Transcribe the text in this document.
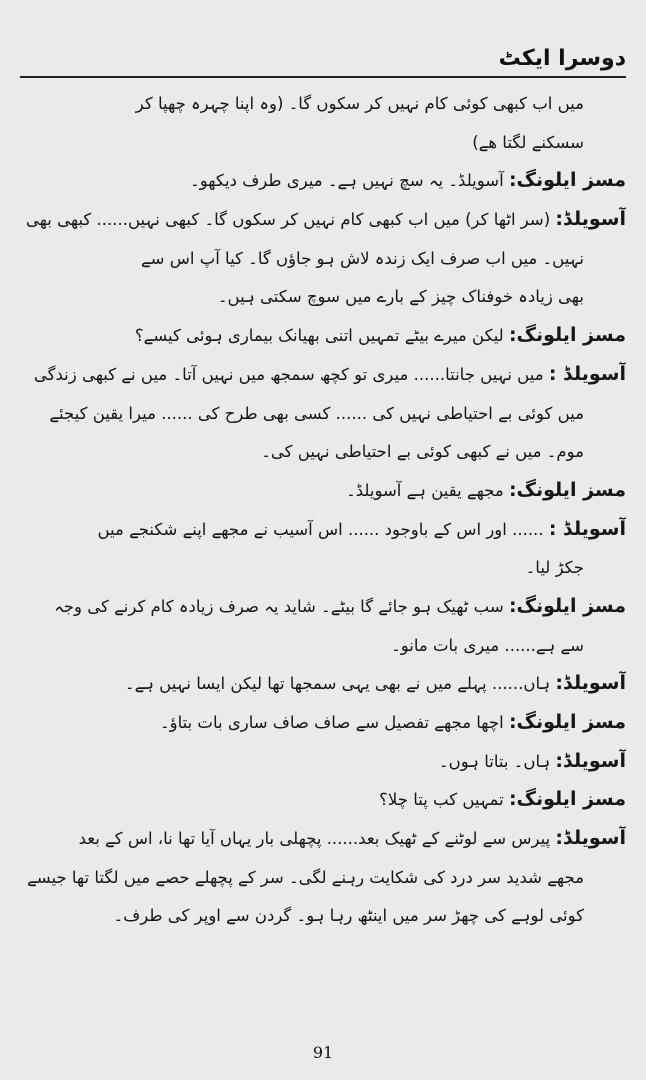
دوسرا ایکٹ
میں اب کبھی کوئی کام نہیں کر سکوں گا۔ (وہ اپنا چہرہ چھپا کر
سسکنے لگتا ھے)
مسز ایلونگ: آسویلڈ۔ یہ سچ نہیں ہے۔ میری طرف دیکھو۔
آسویلڈ: (سر اٹھا کر) میں اب کبھی کام نہیں کر سکوں گا۔ کبھی نہیں...... کبھی بھی
نہیں۔ میں اب صرف ایک زندہ لاش ہو جاؤں گا۔ کیا آپ اس سے
بھی زیادہ خوفناک چیز کے بارے میں سوچ سکتی ہیں۔
مسز ایلونگ: لیکن میرے بیٹے تمہیں اتنی بھیانک بیماری ہوئی کیسے؟
آسویلڈ : میں نہیں جانتا...... میری تو کچھ سمجھ میں نہیں آتا۔ میں نے کبھی زندگی
میں کوئی بے احتیاطی نہیں کی ...... کسی بھی طرح کی ...... میرا یقین کیجئے
موم۔ میں نے کبھی کوئی بے احتیاطی نہیں کی۔
مسز ایلونگ: مجھے یقین ہے آسویلڈ۔
آسویلڈ : ...... اور اس کے باوجود ...... اس آسیب نے مجھے اپنے شکنجے میں
جکڑ لیا۔
مسز ایلونگ: سب ٹھیک ہو جائے گا بیٹے۔ شاید یہ صرف زیادہ کام کرنے کی وجہ
سے ہے...... میری بات مانو۔
آسویلڈ: ہاں...... پہلے میں نے بھی یہی سمجھا تھا لیکن ایسا نہیں ہے۔
مسز ایلونگ: اچھا مجھے تفصیل سے صاف صاف ساری بات بتاؤ۔
آسویلڈ: ہاں۔ بتاتا ہوں۔
مسز ایلونگ: تمہیں کب پتا چلا؟
آسویلڈ: پیرس سے لوٹنے کے ٹھیک بعد...... پچھلی بار یہاں آیا تھا نا، اس کے بعد
مجھے شدید سر درد کی شکایت رہنے لگی۔ سر کے پچھلے حصے میں لگتا تھا جیسے
کوئی لوہے کی چھڑ سر میں اینٹھ رہا ہو۔ گردن سے اوپر کی طرف۔
91
